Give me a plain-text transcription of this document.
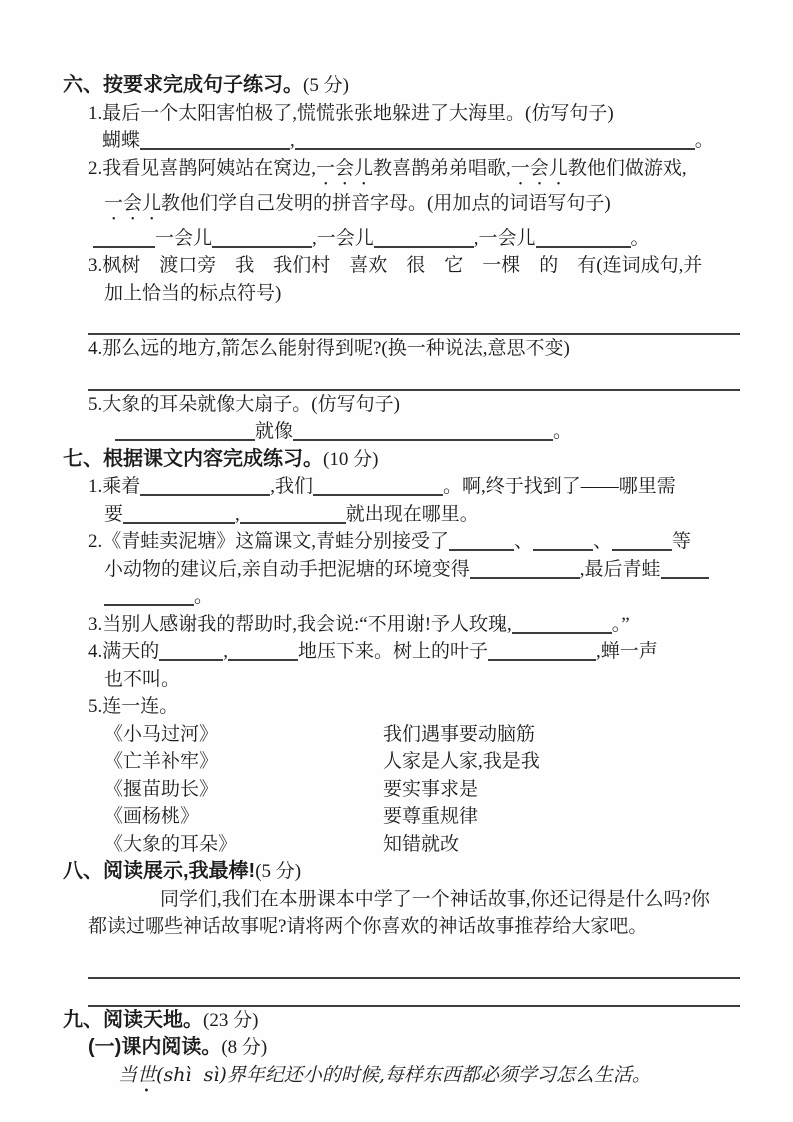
六、按要求完成句子练习。(5 分)
1.最后一个太阳害怕极了,慌慌张张地躲进了大海里。(仿写句子)
蝴蝶	,	。
2.我看见喜鹊阿姨站在窝边,一会儿教喜鹊弟弟唱歌,一会儿教他们做游戏,
一会儿教他们学自己发明的拼音字母。(用加点的词语写句子)
一会儿	,一会儿	,一会儿	。
3.枫树　渡口旁　我　我们村　喜欢　很　它　一棵　的　有(连词成句,并
加上恰当的标点符号)
4.那么远的地方,箭怎么能射得到呢?(换一种说法,意思不变)
5.大象的耳朵就像大扇子。(仿写句子)
就像	。
七、根据课文内容完成练习。(10 分)
1.乘着	,我们	。啊,终于找到了——哪里需
要	,	就出现在哪里。
2.《青蛙卖泥塘》这篇课文,青蛙分别接受了	、	、	等
小动物的建议后,亲自动手把泥塘的环境变得	,最后青蛙
。
3.当别人感谢我的帮助时,我会说:“不用谢!予人玫瑰,	。”
4.满天的	,	地压下来。树上的叶子	,蝉一声
也不叫。
5.连一连。
《小马过河》	我们遇事要动脑筋
《亡羊补牢》	人家是人家,我是我
《揠苗助长》	要实事求是
《画杨桃》	要尊重规律
《大象的耳朵》	知错就改
八、阅读展示,我最棒!(5 分)
同学们,我们在本册课本中学了一个神话故事,你还记得是什么吗?你
都读过哪些神话故事呢?请将两个你喜欢的神话故事推荐给大家吧。
九、阅读天地。(23 分)
(一)课内阅读。(8 分)
当世(shì  sì)界年纪还小的时候,每样东西都必须学习怎么生活。
